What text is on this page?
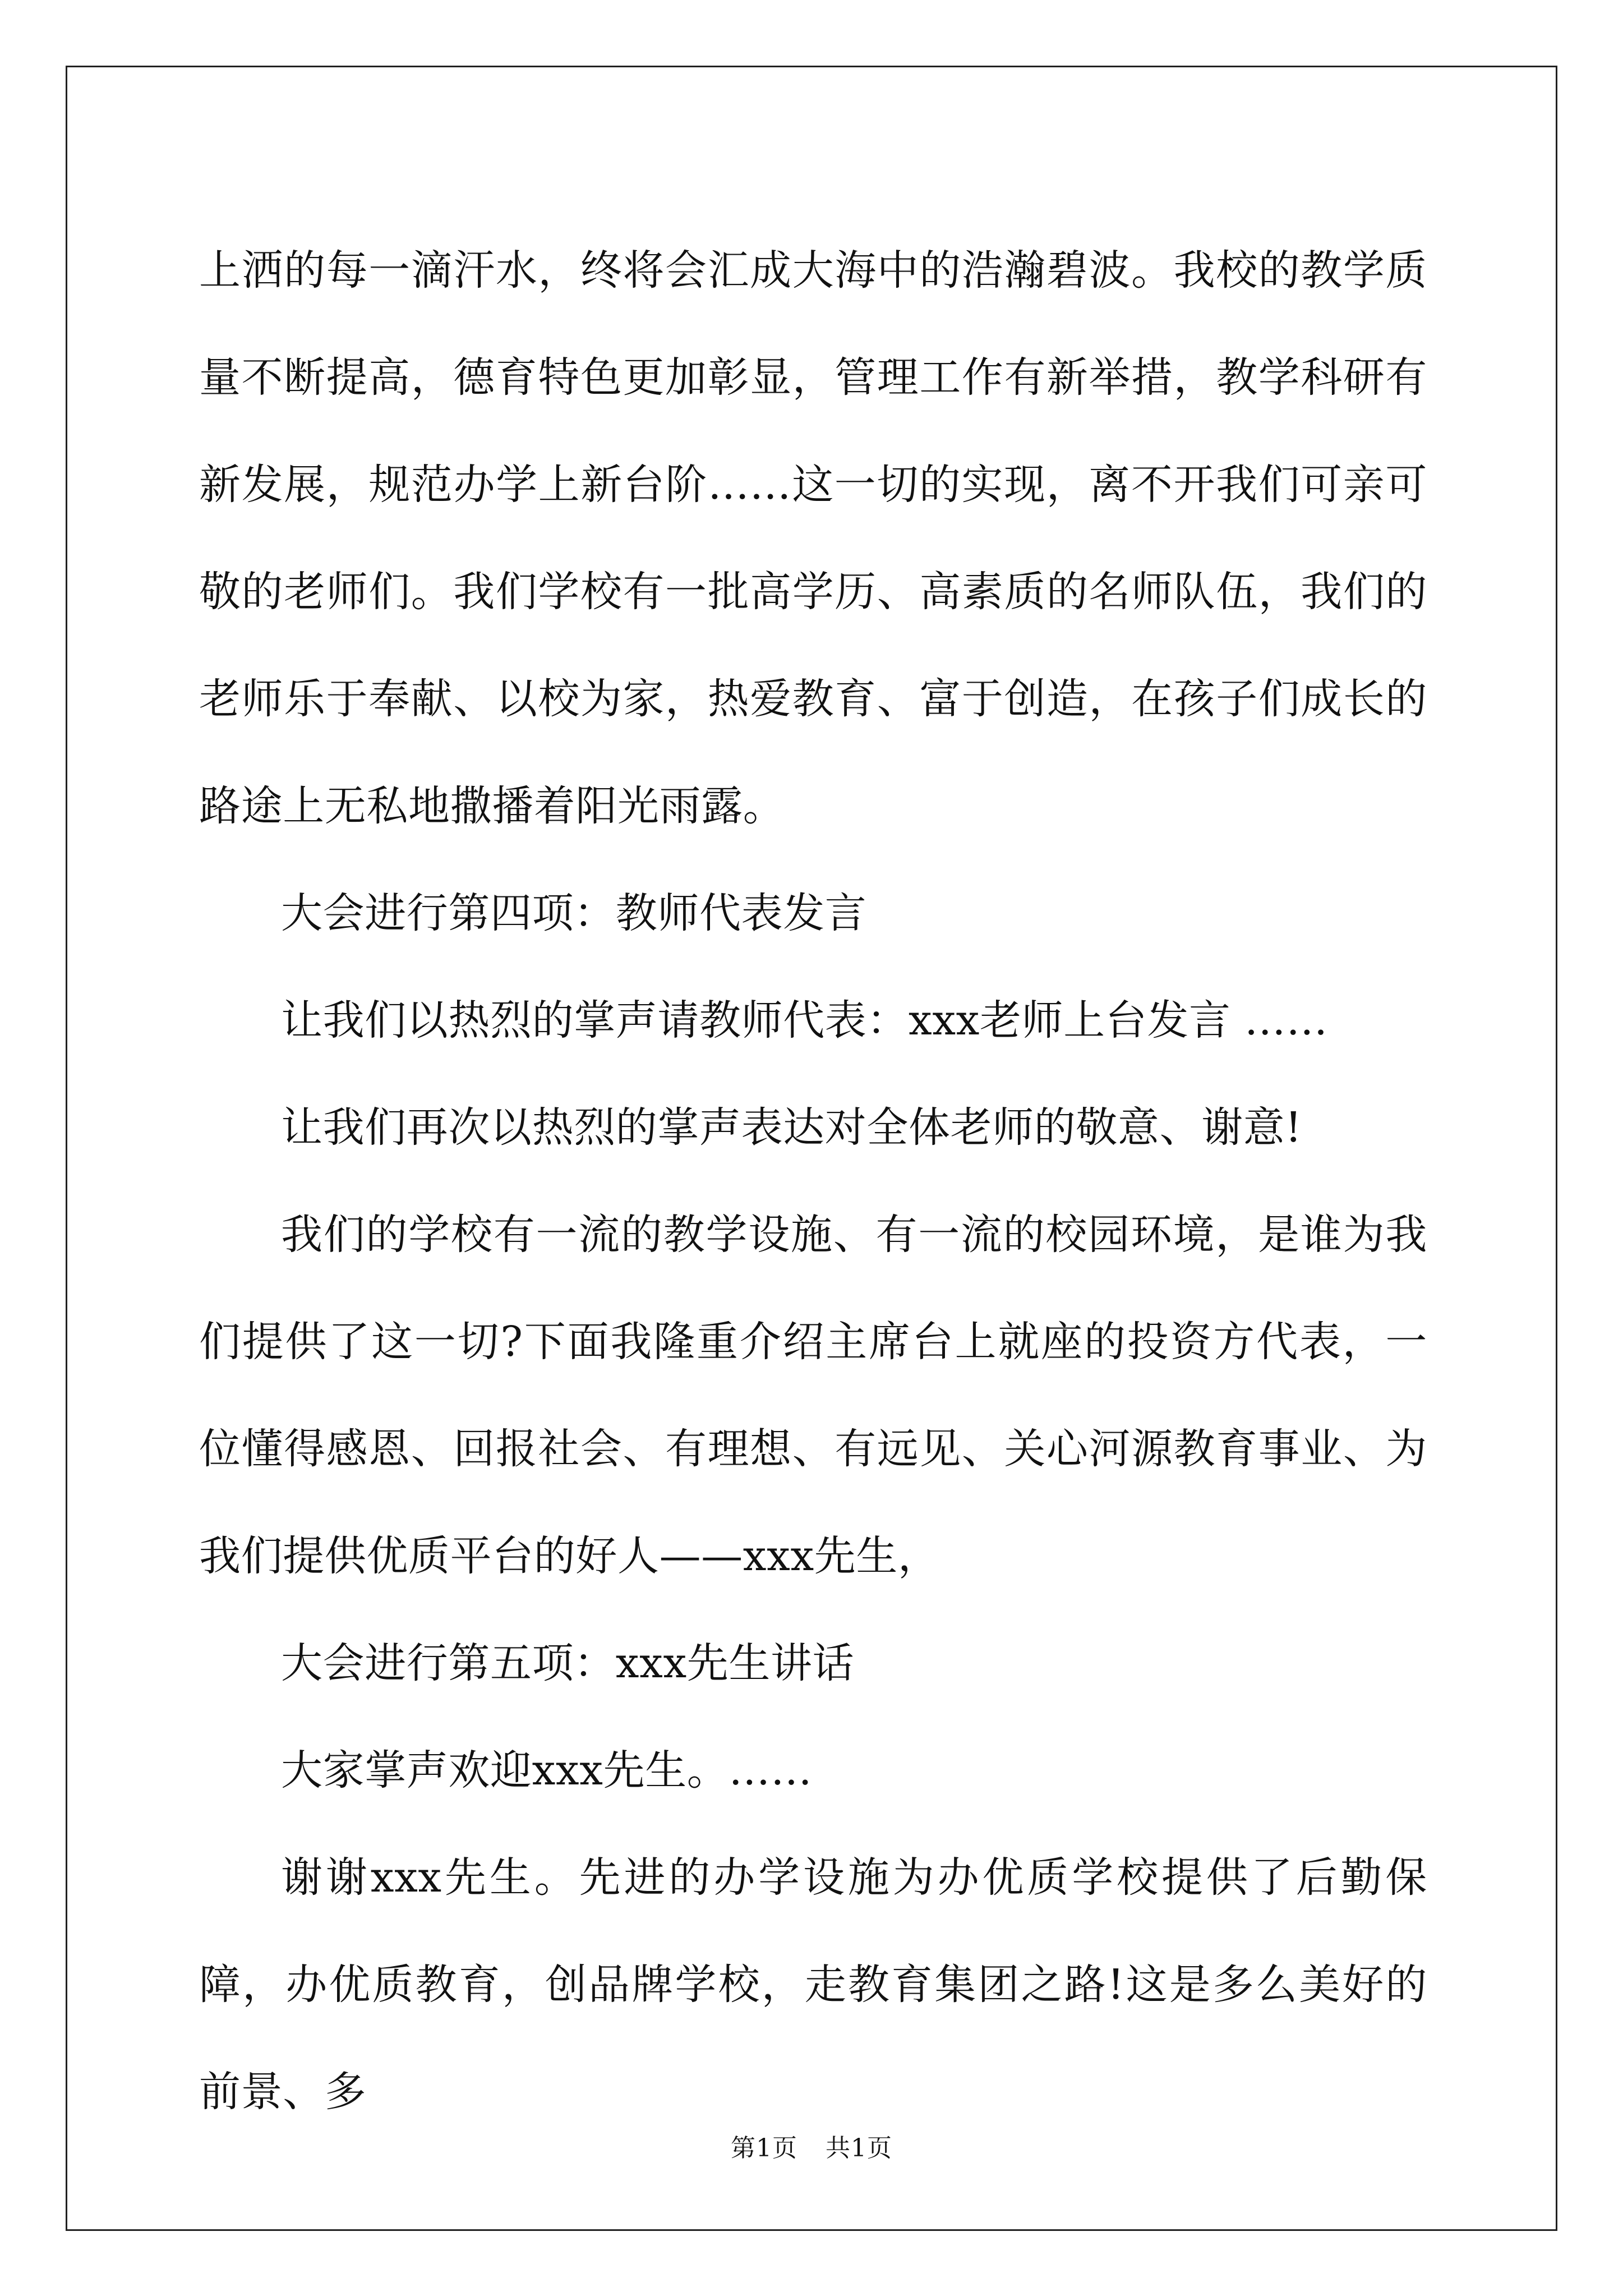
上洒的每一滴汗水，终将会汇成大海中的浩瀚碧波。我校的教学质量不断提高，德育特色更加彰显，管理工作有新举措，教学科研有新发展，规范办学上新台阶……这一切的实现，离不开我们可亲可敬的老师们。我们学校有一批高学历、高素质的名师队伍，我们的老师乐于奉献、以校为家，热爱教育、富于创造，在孩子们成长的路途上无私地撒播着阳光雨露。

大会进行第四项：教师代表发言

让我们以热烈的掌声请教师代表：xxx老师上台发言 ……

让我们再次以热烈的掌声表达对全体老师的敬意、谢意!

我们的学校有一流的教学设施、有一流的校园环境，是谁为我们提供了这一切?下面我隆重介绍主席台上就座的投资方代表，一位懂得感恩、回报社会、有理想、有远见、关心河源教育事业、为我们提供优质平台的好人——xxx先生，

大会进行第五项：xxx先生讲话

大家掌声欢迎xxx先生。……

谢谢xxx先生。先进的办学设施为办优质学校提供了后勤保障，办优质教育，创品牌学校，走教育集团之路!这是多么美好的前景、多

第1页 共1页
